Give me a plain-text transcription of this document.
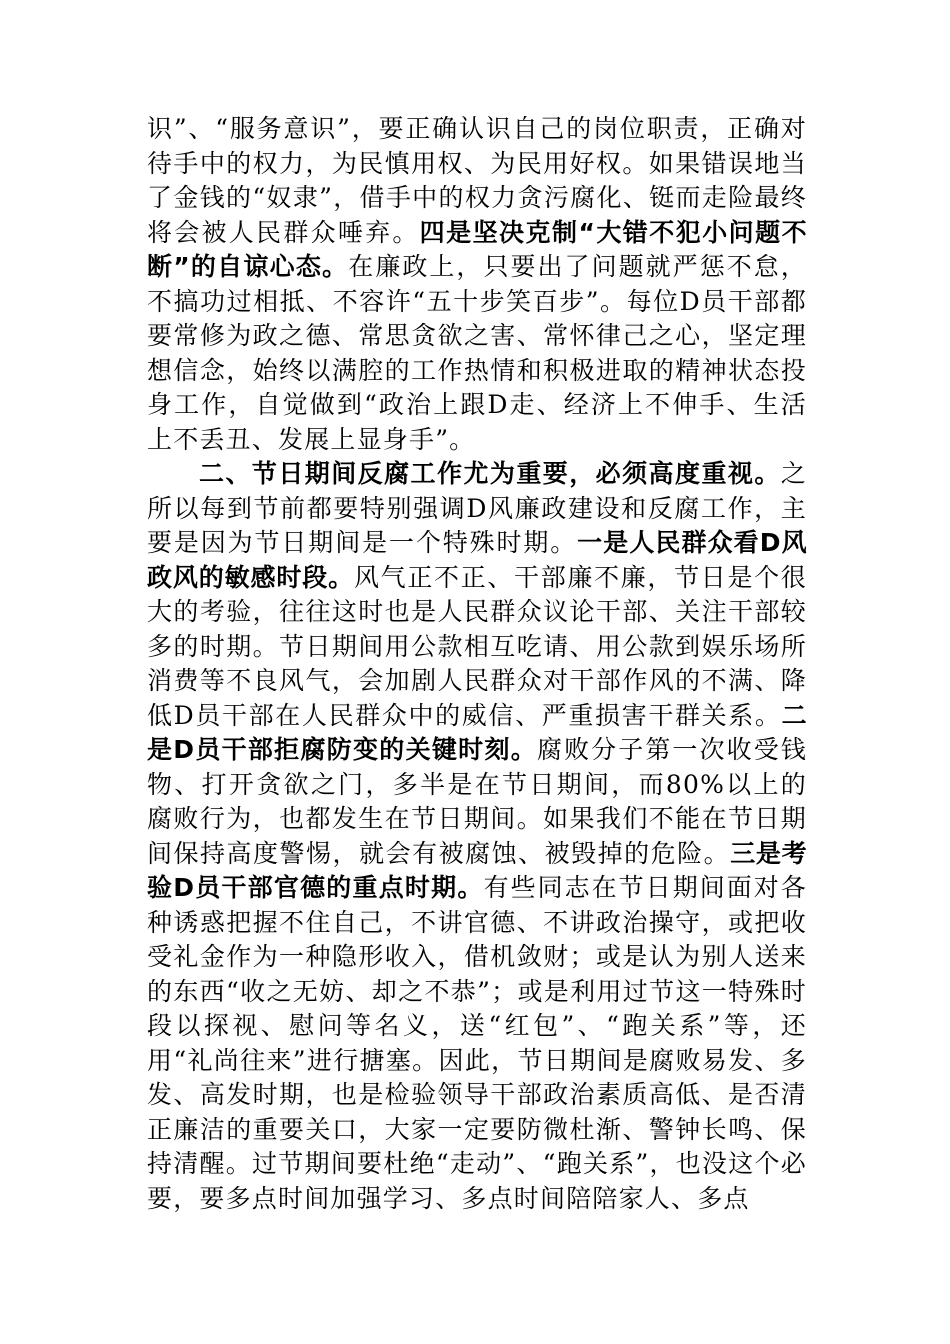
识”、“服务意识”，要正确认识自己的岗位职责，正确对待手中的权力，为民慎用权、为民用好权。如果错误地当了金钱的“奴隶”，借手中的权力贪污腐化、铤而走险最终将会被人民群众唾弃。四是坚决克制“大错不犯小问题不断”的自谅心态。在廉政上，只要出了问题就严惩不怠，不搞功过相抵、不容许“五十步笑百步”。每位D员干部都要常修为政之德、常思贪欲之害、常怀律己之心，坚定理想信念，始终以满腔的工作热情和积极进取的精神状态投身工作，自觉做到“政治上跟D走、经济上不伸手、生活上不丢丑、发展上显身手”。

二、节日期间反腐工作尤为重要，必须高度重视。之所以每到节前都要特别强调D风廉政建设和反腐工作，主要是因为节日期间是一个特殊时期。一是人民群众看D风政风的敏感时段。风气正不正、干部廉不廉，节日是个很大的考验，往往这时也是人民群众议论干部、关注干部较多的时期。节日期间用公款相互吃请、用公款到娱乐场所消费等不良风气，会加剧人民群众对干部作风的不满、降低D员干部在人民群众中的威信、严重损害干群关系。二是D员干部拒腐防变的关键时刻。腐败分子第一次收受钱物、打开贪欲之门，多半是在节日期间，而80%以上的腐败行为，也都发生在节日期间。如果我们不能在节日期间保持高度警惕，就会有被腐蚀、被毁掉的危险。三是考验D员干部官德的重点时期。有些同志在节日期间面对各种诱惑把握不住自己，不讲官德、不讲政治操守，或把收受礼金作为一种隐形收入，借机敛财；或是认为别人送来的东西“收之无妨、却之不恭”；或是利用过节这一特殊时段以探视、慰问等名义，送“红包”、“跑关系”等，还用“礼尚往来”进行搪塞。因此，节日期间是腐败易发、多发、高发时期，也是检验领导干部政治素质高低、是否清正廉洁的重要关口，大家一定要防微杜渐、警钟长鸣、保持清醒。过节期间要杜绝“走动”、“跑关系”，也没这个必要，要多点时间加强学习、多点时间陪陪家人、多点
